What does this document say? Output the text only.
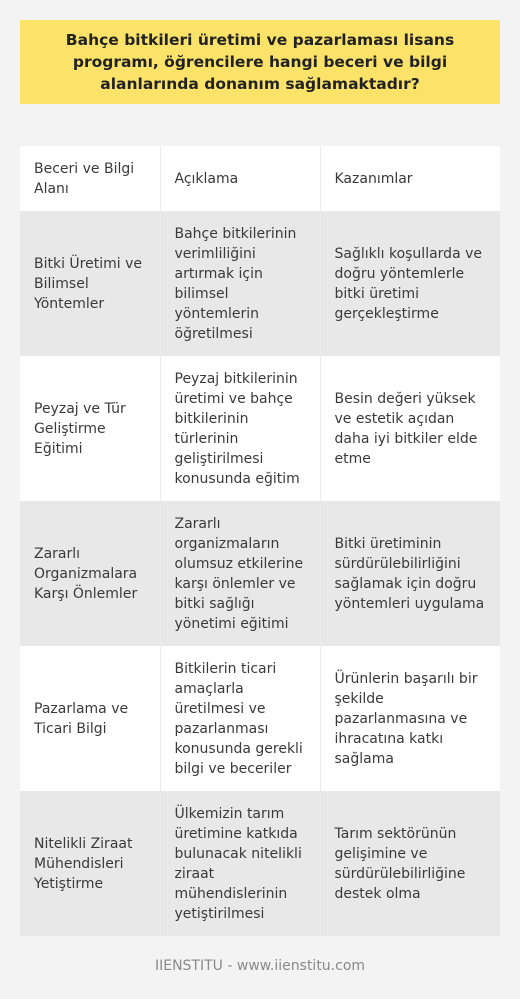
Bahçe bitkileri üretimi ve pazarlaması lisans programı, öğrencilere hangi beceri ve bilgi alanlarında donanım sağlamaktadır?
Beceri ve Bilgi Alanı	Açıklama	Kazanımlar
Bitki Üretimi ve Bilimsel Yöntemler	Bahçe bitkilerinin verimliliğini artırmak için bilimsel yöntemlerin öğretilmesi	Sağlıklı koşullarda ve doğru yöntemlerle bitki üretimi gerçekleştirme
Peyzaj ve Tür Geliştirme Eğitimi	Peyzaj bitkilerinin üretimi ve bahçe bitkilerinin türlerinin geliştirilmesi konusunda eğitim	Besin değeri yüksek ve estetik açıdan daha iyi bitkiler elde etme
Zararlı Organizmalara Karşı Önlemler	Zararlı organizmaların olumsuz etkilerine karşı önlemler ve bitki sağlığı yönetimi eğitimi	Bitki üretiminin sürdürülebilirliğini sağlamak için doğru yöntemleri uygulama
Pazarlama ve Ticari Bilgi	Bitkilerin ticari amaçlarla üretilmesi ve pazarlanması konusunda gerekli bilgi ve beceriler	Ürünlerin başarılı bir şekilde pazarlanmasına ve ihracatına katkı sağlama
Nitelikli Ziraat Mühendisleri Yetiştirme	Ülkemizin tarım üretimine katkıda bulunacak nitelikli ziraat mühendislerinin yetiştirilmesi	Tarım sektörünün gelişimine ve sürdürülebilirliğine destek olma
IIENSTITU - www.iienstitu.com
